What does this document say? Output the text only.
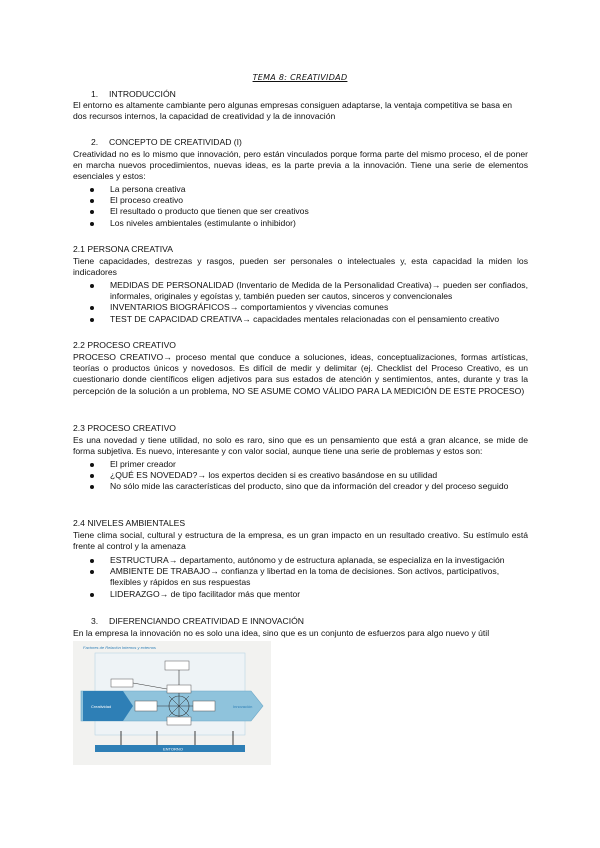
TEMA 8: CREATIVIDAD
1. INTRODUCCIÓN
El entorno es altamente cambiante pero algunas empresas consiguen adaptarse, la ventaja competitiva se basa en dos recursos internos, la capacidad de creatividad y la de innovación
2. CONCEPTO DE CREATIVIDAD (I)
Creatividad no es lo mismo que innovación, pero están vinculados porque forma parte del mismo proceso, el de poner en marcha nuevos procedimientos, nuevas ideas, es la parte previa a la innovación. Tiene una serie de elementos esenciales y estos:
La persona creativa
El proceso creativo
El resultado o producto que tienen que ser creativos
Los niveles ambientales (estimulante o inhibidor)
2.1 PERSONA CREATIVA
Tiene capacidades, destrezas y rasgos, pueden ser personales o intelectuales y, esta capacidad la miden los indicadores
MEDIDAS DE PERSONALIDAD (Inventario de Medida de la Personalidad Creativa)→ pueden ser confiados, informales, originales y egoístas y, también pueden ser cautos, sinceros y convencionales
INVENTARIOS BIOGRÁFICOS→ comportamientos y vivencias comunes
TEST DE CAPACIDAD CREATIVA→ capacidades mentales relacionadas con el pensamiento creativo
2.2 PROCESO CREATIVO
PROCESO CREATIVO→ proceso mental que conduce a soluciones, ideas, conceptualizaciones, formas artísticas, teorías o productos únicos y novedosos. Es difícil de medir y delimitar (ej. Checklist del Proceso Creativo, es un cuestionario donde científicos eligen adjetivos para sus estados de atención y sentimientos, antes, durante y tras la percepción de la solución a un problema, NO SE ASUME COMO VÁLIDO PARA LA MEDICIÓN DE ESTE PROCESO)
2.3 PROCESO CREATIVO
Es una novedad y tiene utilidad, no solo es raro, sino que es un pensamiento que está a gran alcance, se mide de forma subjetiva. Es nuevo, interesante y con valor social, aunque tiene una serie de problemas y estos son:
El primer creador
¿QUÉ ES NOVEDAD?→ los expertos deciden si es creativo basándose en su utilidad
No sólo mide las características del producto, sino que da información del creador y del proceso seguido
2.4 NIVELES AMBIENTALES
Tiene clima social, cultural y estructura de la empresa, es un gran impacto en un resultado creativo. Su estímulo está frente al control y la amenaza
ESTRUCTURA→ departamento, autónomo y de estructura aplanada, se especializa en la investigación
AMBIENTE DE TRABAJO→ confianza y libertad en la toma de decisiones. Son activos, participativos, flexibles y rápidos en sus respuestas
LIDERAZGO→ de tipo facilitador más que mentor
3. DIFERENCIANDO CREATIVIDAD E INNOVACIÓN
En la empresa la innovación no es solo una idea, sino que es un conjunto de esfuerzos para algo nuevo y útil
Factores de Relación Internos y externos
Creatividad	Innovación
ENTORNO
